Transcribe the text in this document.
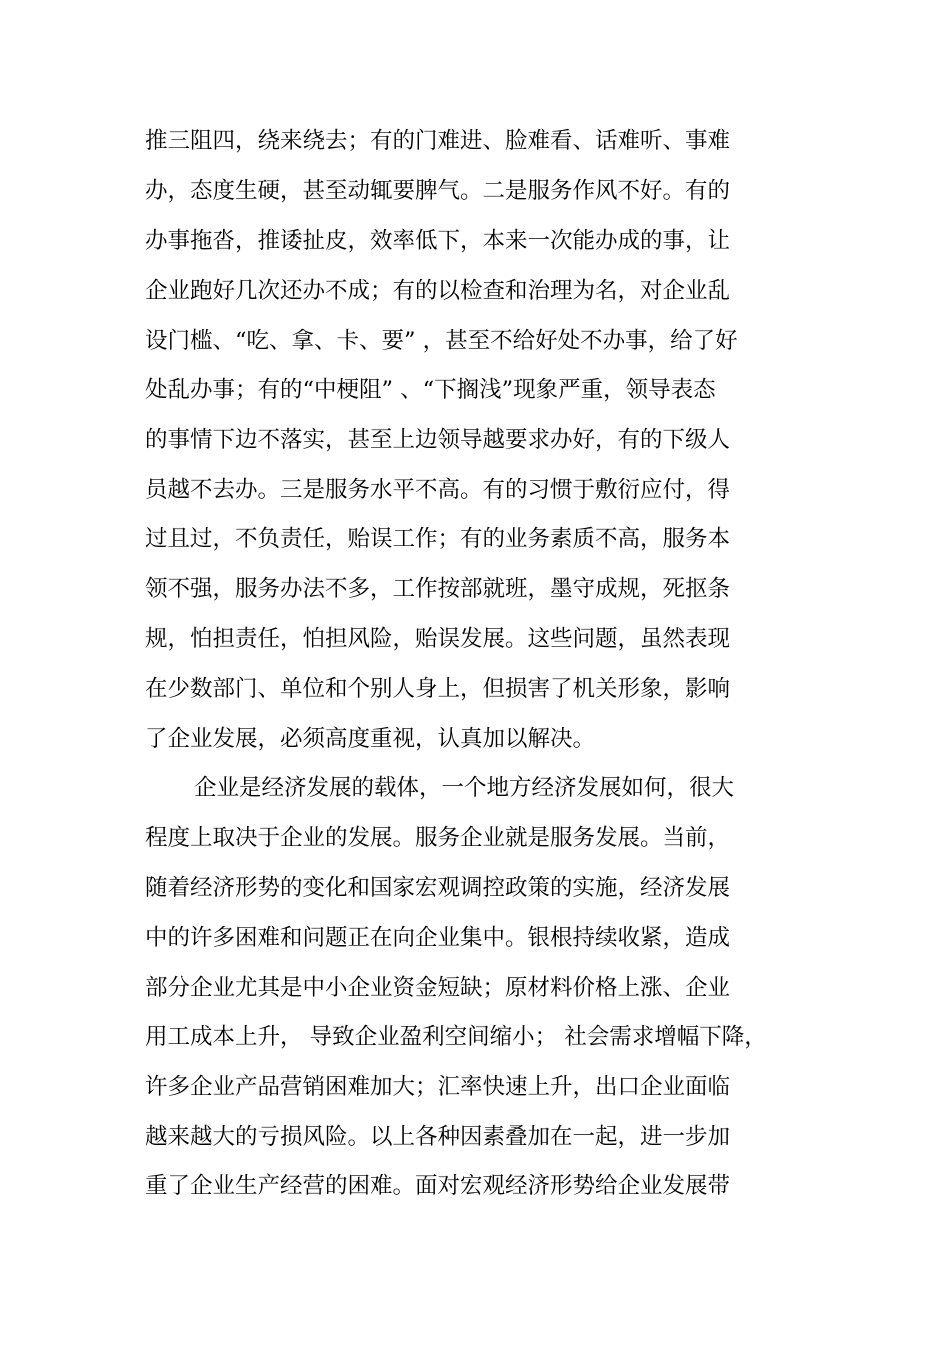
推三阻四，绕来绕去；有的门难进、脸难看、话难听、事难
办，态度生硬，甚至动辄要脾气。二是服务作风不好。有的
办事拖沓，推诿扯皮，效率低下，本来一次能办成的事，让
企业跑好几次还办不成；有的以检查和治理为名，对企业乱
设门槛、“吃、拿、卡、要” ，甚至不给好处不办事，给了好
处乱办事；有的“中梗阻” 、“下搁浅”现象严重，领导表态
的事情下边不落实，甚至上边领导越要求办好，有的下级人
员越不去办。三是服务水平不高。有的习惯于敷衍应付，得
过且过，不负责任，贻误工作；有的业务素质不高，服务本
领不强，服务办法不多，工作按部就班，墨守成规，死抠条
规，怕担责任，怕担风险，贻误发展。这些问题，虽然表现
在少数部门、单位和个别人身上，但损害了机关形象，影响
了企业发展，必须高度重视，认真加以解决。
企业是经济发展的载体，一个地方经济发展如何，很大
程度上取决于企业的发展。服务企业就是服务发展。当前，
随着经济形势的变化和国家宏观调控政策的实施，经济发展
中的许多困难和问题正在向企业集中。银根持续收紧，造成
部分企业尤其是中小企业资金短缺；原材料价格上涨、企业
用工成本上升， 导致企业盈利空间缩小； 社会需求增幅下降，
许多企业产品营销困难加大；汇率快速上升，出口企业面临
越来越大的亏损风险。以上各种因素叠加在一起，进一步加
重了企业生产经营的困难。面对宏观经济形势给企业发展带
